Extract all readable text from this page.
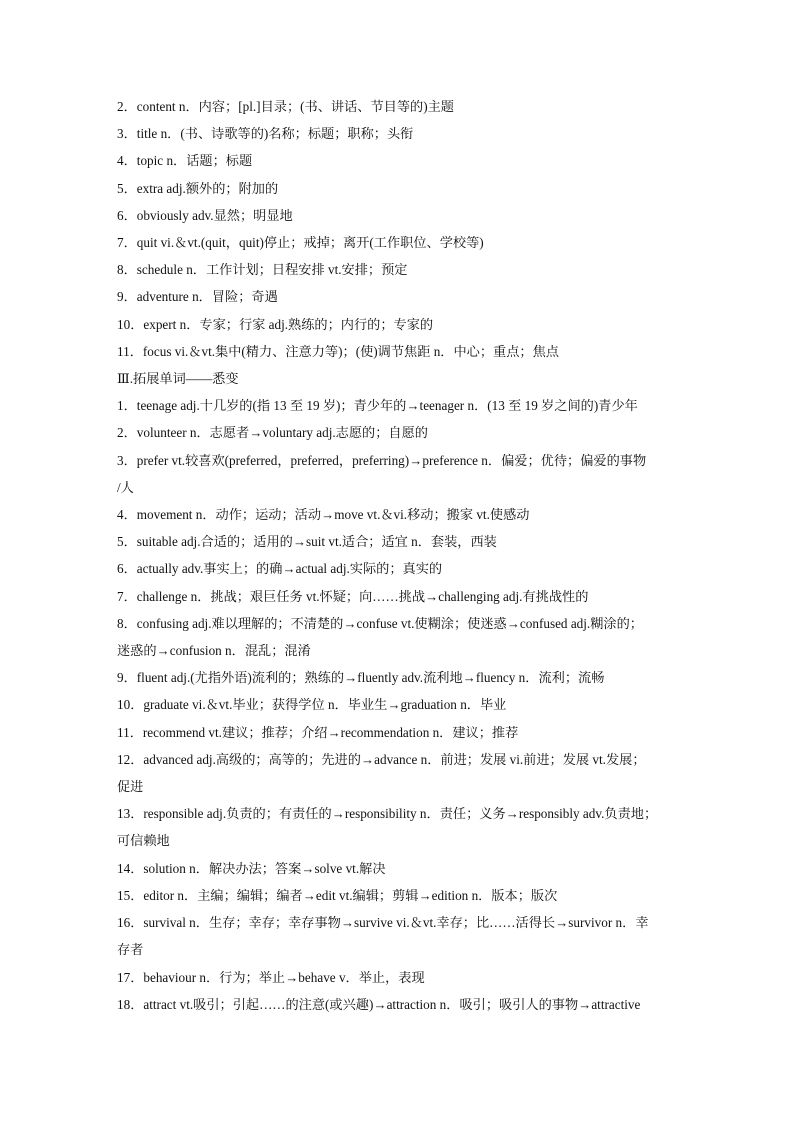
2．content n．内容；[pl.]目录；(书、讲话、节目等的)主题
3．title n．(书、诗歌等的)名称；标题；职称；头衔
4．topic n．话题；标题
5．extra adj.额外的；附加的
6．obviously adv.显然；明显地
7．quit vi.＆vt.(quit，quit)停止；戒掉；离开(工作职位、学校等)
8．schedule n．工作计划；日程安排 vt.安排；预定
9．adventure n．冒险；奇遇
10．expert n．专家；行家 adj.熟练的；内行的；专家的
11．focus vi.＆vt.集中(精力、注意力等)；(使)调节焦距 n．中心；重点；焦点
Ⅲ.拓展单词——悉变
1．teenage adj.十几岁的(指 13 至 19 岁)；青少年的→teenager n．(13 至 19 岁之间的)青少年
2．volunteer n．志愿者→voluntary adj.志愿的；自愿的
3．prefer vt.较喜欢(preferred，preferred，preferring)→preference n．偏爱；优待；偏爱的事物
/人
4．movement n．动作；运动；活动→move vt.＆vi.移动；搬家 vt.使感动
5．suitable adj.合适的；适用的→suit vt.适合；适宜 n．套装，西装
6．actually adv.事实上；的确→actual adj.实际的；真实的
7．challenge n．挑战；艰巨任务 vt.怀疑；向……挑战→challenging adj.有挑战性的
8．confusing adj.难以理解的；不清楚的→confuse vt.使糊涂；使迷惑→confused adj.糊涂的；
迷惑的→confusion n．混乱；混淆
9．fluent adj.(尤指外语)流利的；熟练的→fluently adv.流利地→fluency n．流利；流畅
10．graduate vi.＆vt.毕业；获得学位 n．毕业生→graduation n．毕业
11．recommend vt.建议；推荐；介绍→recommendation n．建议；推荐
12．advanced adj.高级的；高等的；先进的→advance n．前进；发展 vi.前进；发展 vt.发展；
促进
13．responsible adj.负责的；有责任的→responsibility n．责任；义务→responsibly adv.负责地；
可信赖地
14．solution n．解决办法；答案→solve vt.解决
15．editor n．主编；编辑；编者→edit vt.编辑；剪辑→edition n．版本；版次
16．survival n．生存；幸存；幸存事物→survive vi.＆vt.幸存；比……活得长→survivor n．幸
存者
17．behaviour n．行为；举止→behave v．举止，表现
18．attract vt.吸引；引起……的注意(或兴趣)→attraction n．吸引；吸引人的事物→attractive
